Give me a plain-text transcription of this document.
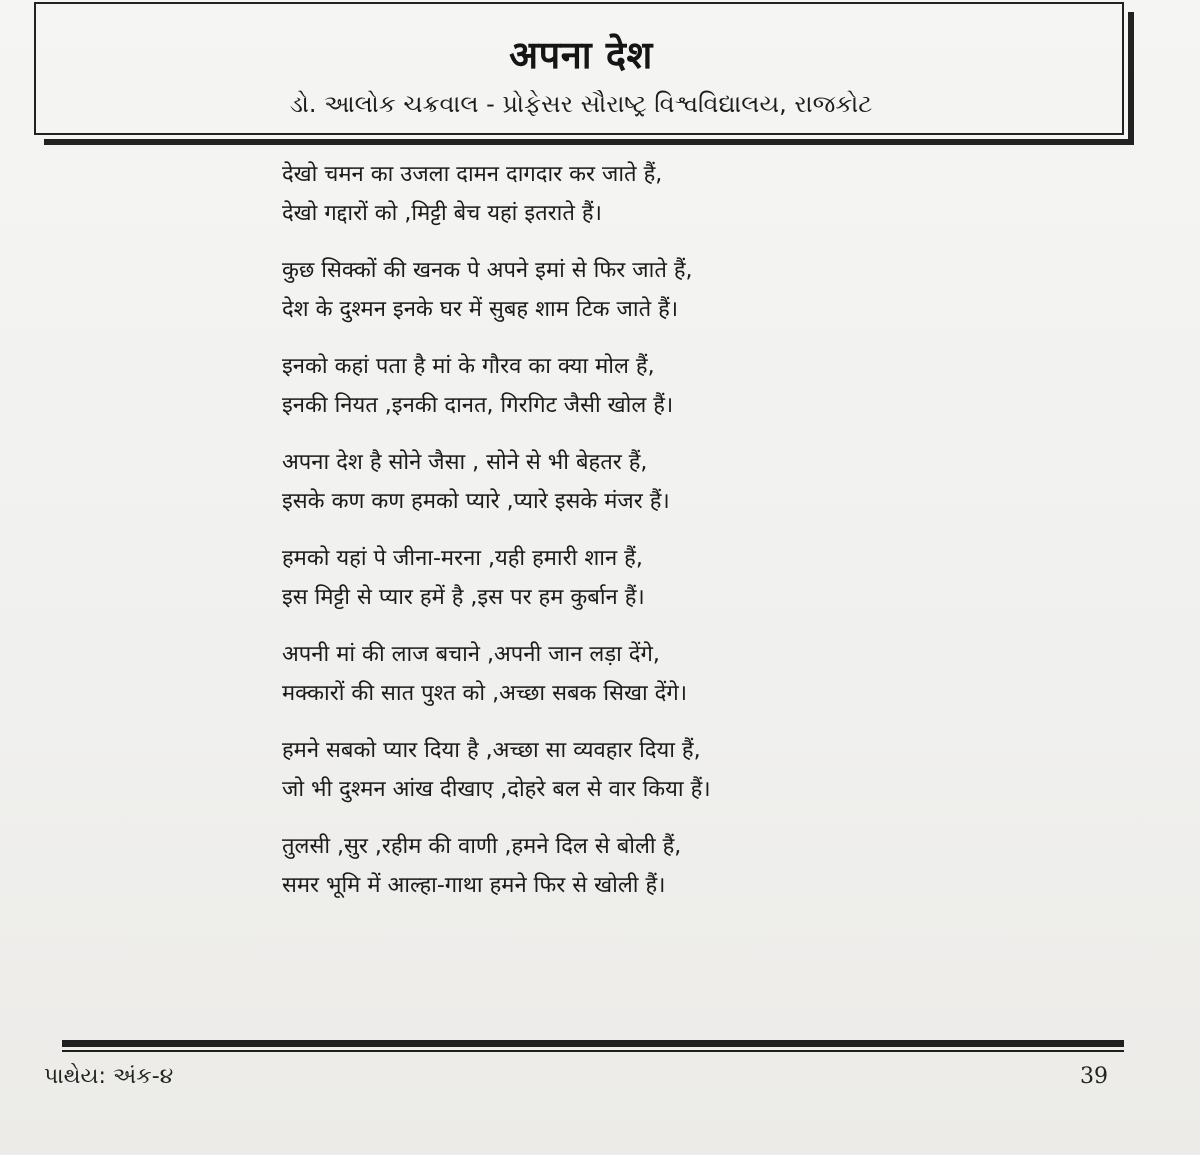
अपना देश
ડો. આલોક ચક્રવાલ - પ્રોફેસર સૌરાષ્ટ્ર વિશ્વવિદ્યાલય, રાજકોટ
देखो चमन का उजला दामन दागदार कर जाते हैं,
देखो गद्दारों को ,मिट्टी बेच यहां इतराते हैं।
कुछ सिक्कों की खनक पे अपने इमां से फिर जाते हैं,
देश के दुश्मन इनके घर में सुबह शाम टिक जाते हैं।
इनको कहां पता है मां के गौरव का क्या मोल हैं,
इनकी नियत ,इनकी दानत, गिरगिट जैसी खोल हैं।
अपना देश है सोने जैसा , सोने से भी बेहतर हैं,
इसके कण कण हमको प्यारे ,प्यारे इसके मंजर हैं।
हमको यहां पे जीना-मरना ,यही हमारी शान हैं,
इस मिट्टी से प्यार हमें है ,इस पर हम कुर्बान हैं।
अपनी मां की लाज बचाने ,अपनी जान लड़ा देंगे,
मक्कारों की सात पुश्त को ,अच्छा सबक सिखा देंगे।
हमने सबको प्यार दिया है ,अच्छा सा व्यवहार दिया हैं,
जो भी दुश्मन आंख दीखाए ,दोहरे बल से वार किया हैं।
तुलसी ,सुर ,रहीम की वाणी ,हमने दिल से बोली हैं,
समर भूमि में आल्हा-गाथा हमने फिर से खोली हैं।
પાથેય: અંક-૪	39
